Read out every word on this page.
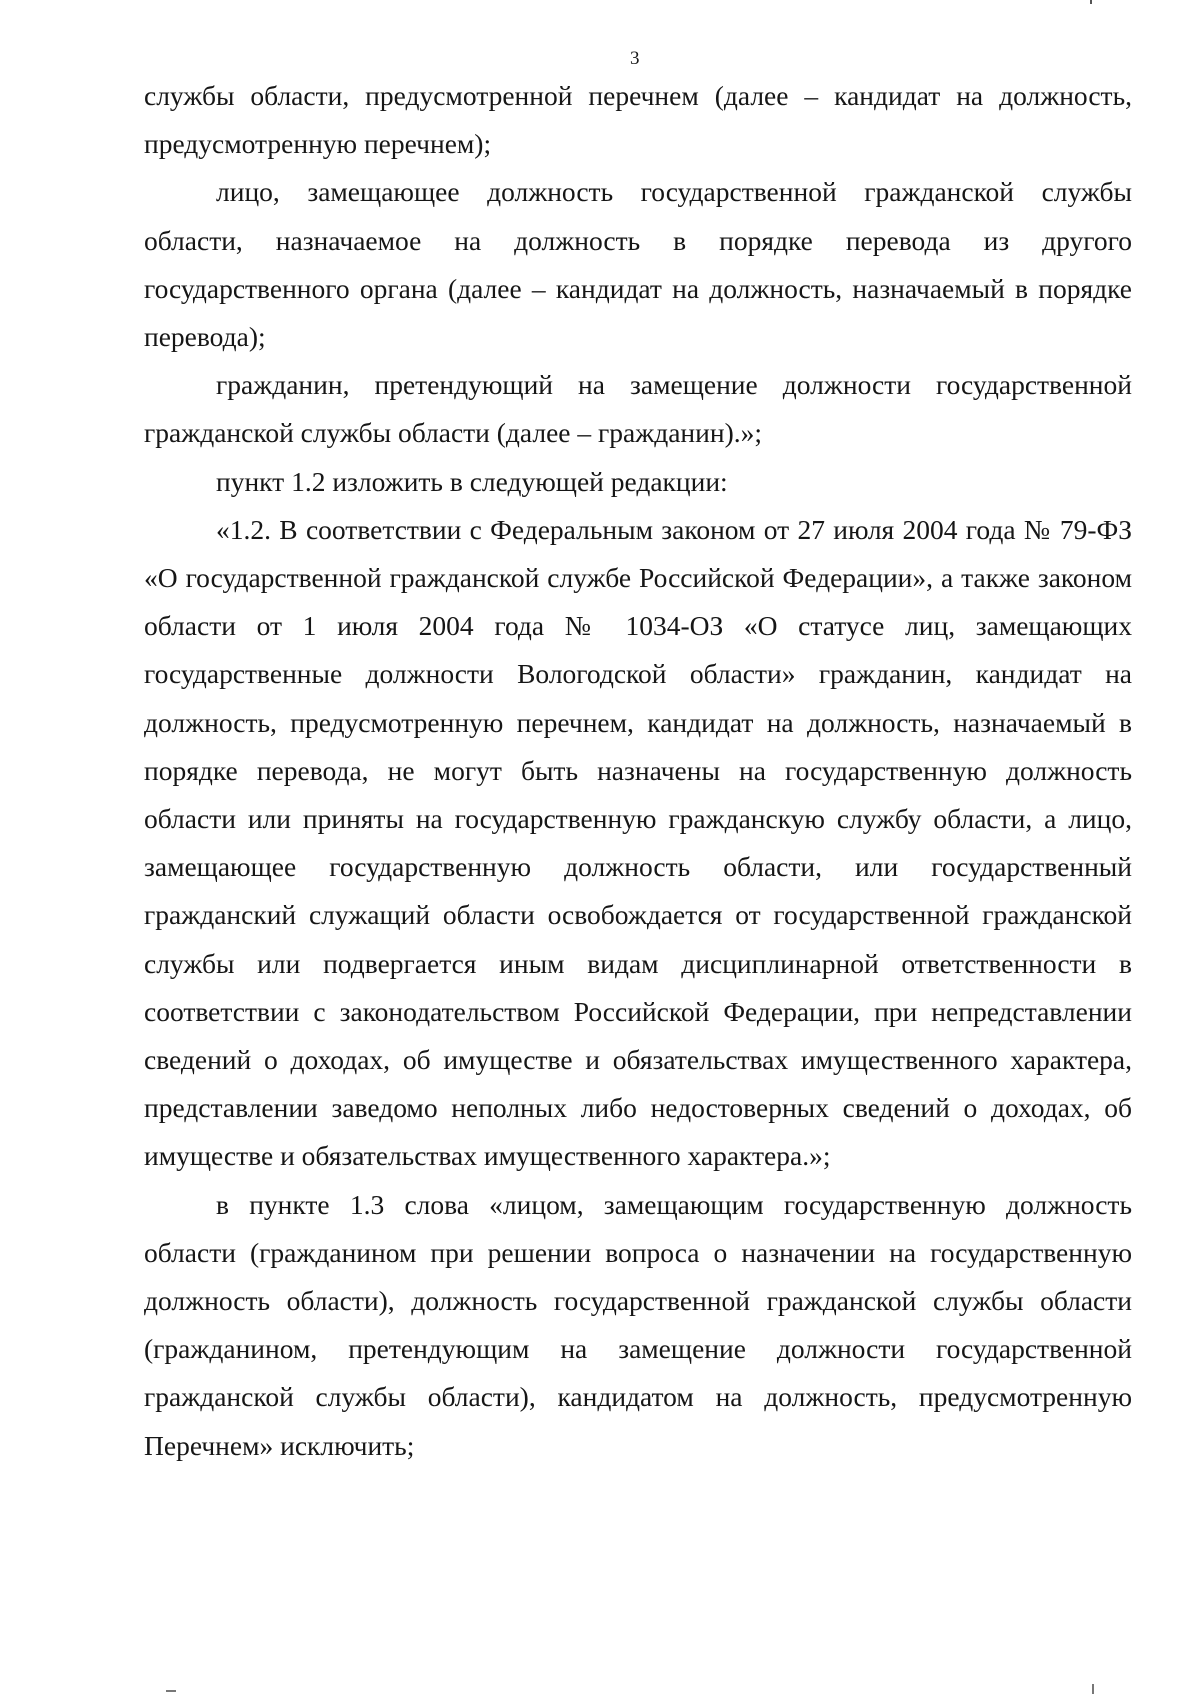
3

службы области, предусмотренной перечнем (далее – кандидат на должность, предусмотренную перечнем);

лицо, замещающее должность государственной гражданской службы области, назначаемое на должность в порядке перевода из другого государственного органа (далее – кандидат на должность, назначаемый в порядке перевода);

гражданин, претендующий на замещение должности государственной гражданской службы области (далее – гражданин).»;

пункт 1.2 изложить в следующей редакции:

«1.2. В соответствии с Федеральным законом от 27 июля 2004 года № 79-ФЗ «О государственной гражданской службе Российской Федерации», а также законом области от 1 июля 2004 года № 1034-ОЗ «О статусе лиц, замещающих государственные должности Вологодской области» гражданин, кандидат на должность, предусмотренную перечнем, кандидат на должность, назначаемый в порядке перевода, не могут быть назначены на государственную должность области или приняты на государственную гражданскую службу области, а лицо, замещающее государственную должность области, или государственный гражданский служащий области освобождается от государственной гражданской службы или подвергается иным видам дисциплинарной ответственности в соответствии с законодательством Российской Федерации, при непредставлении сведений о доходах, об имуществе и обязательствах имущественного характера, представлении заведомо неполных либо недостоверных сведений о доходах, об имуществе и обязательствах имущественного характера.»;

в пункте 1.3 слова «лицом, замещающим государственную должность области (гражданином при решении вопроса о назначении на государственную должность области), должность государственной гражданской службы области (гражданином, претендующим на замещение должности государственной гражданской службы области), кандидатом на должность, предусмотренную Перечнем» исключить;
